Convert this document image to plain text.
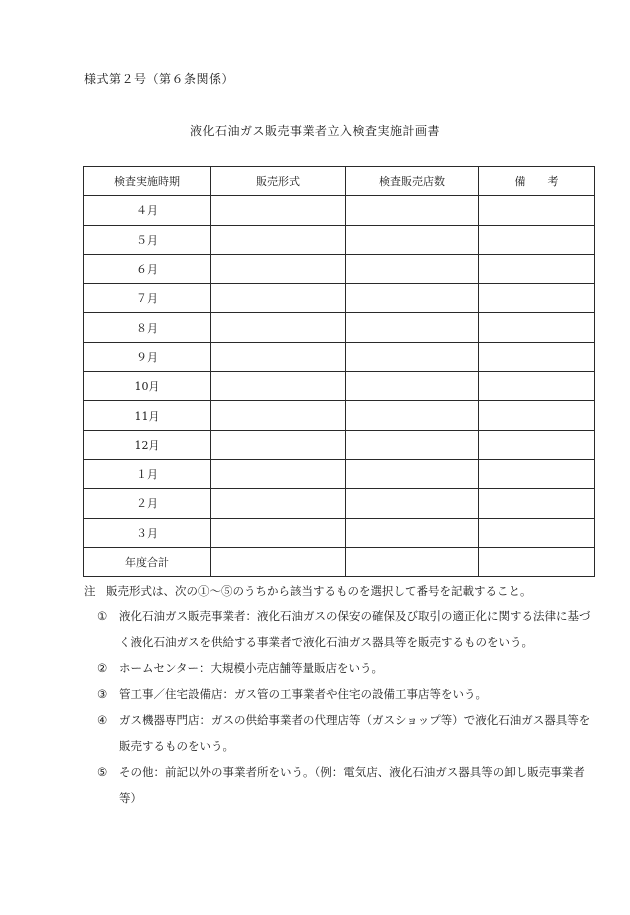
様式第２号（第６条関係）
液化石油ガス販売事業者立入検査実施計画書
検査実施時期	販売形式	検査販売店数	備　　考
４月			
５月			
６月			
７月			
８月			
９月			
10月			
11月			
12月			
１月			
２月			
３月			
年度合計			
注 販売形式は、次の①～⑤のうちから該当するものを選択して番号を記載すること。
①	液化石油ガス販売事業者：液化石油ガスの保安の確保及び取引の適正化に関する法律に基づく液化石油ガスを供給する事業者で液化石油ガス器具等を販売するものをいう。
②	ホームセンター：大規模小売店舗等量販店をいう。
③	管工事／住宅設備店：ガス管の工事業者や住宅の設備工事店等をいう。
④	ガス機器専門店：ガスの供給事業者の代理店等（ガスショップ等）で液化石油ガス器具等を販売するものをいう。
⑤	その他：前記以外の事業者所をいう。（例：電気店、液化石油ガス器具等の卸し販売事業者等）
